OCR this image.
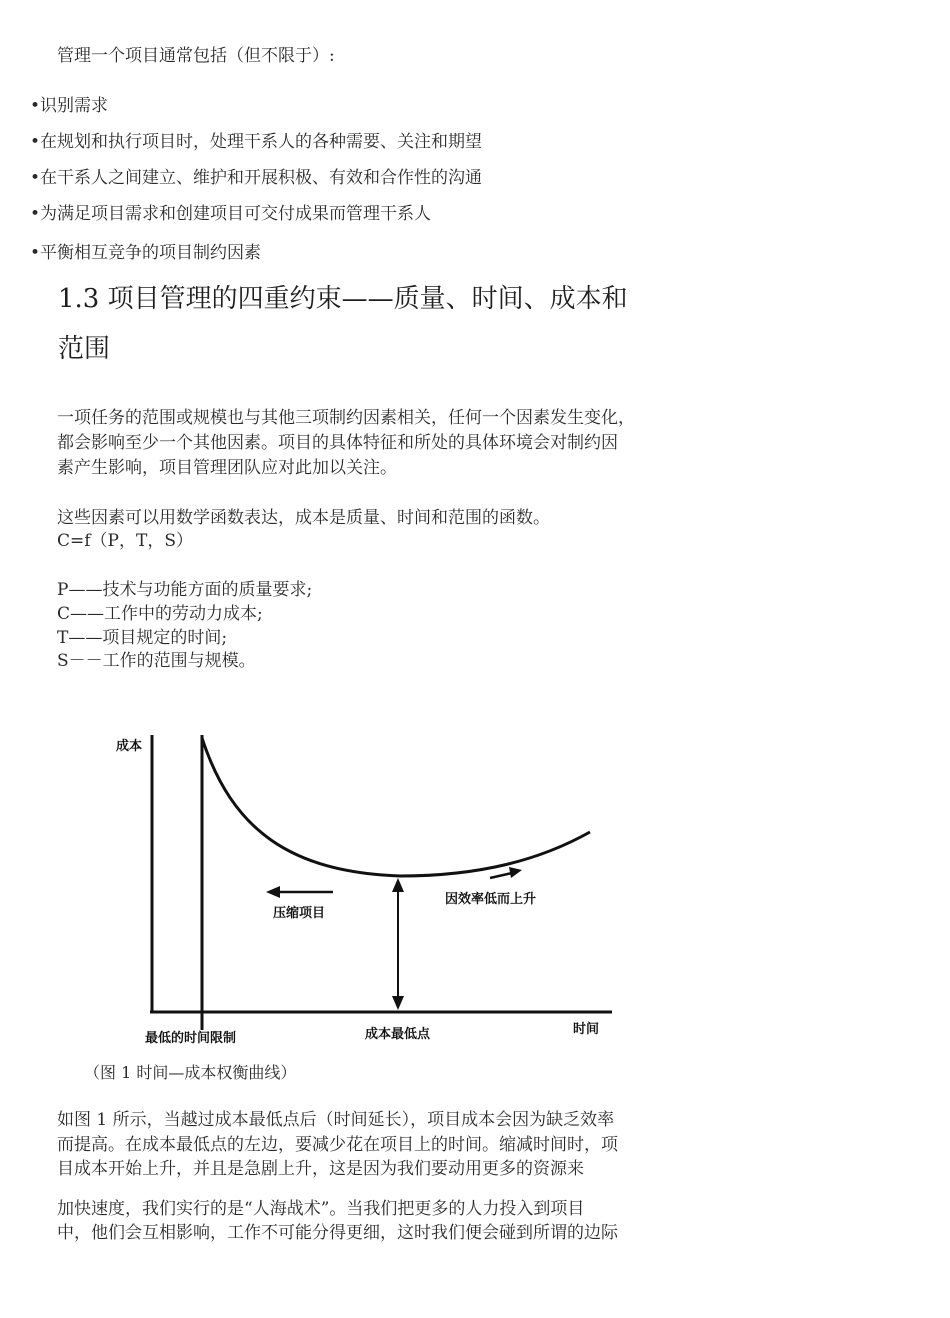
管理一个项目通常包括（但不限于）:
•识别需求
•在规划和执行项目时，处理干系人的各种需要、关注和期望
•在干系人之间建立、维护和开展积极、有效和合作性的沟通
•为满足项目需求和创建项目可交付成果而管理干系人
•平衡相互竞争的项目制约因素
1.3 项目管理的四重约束——质量、时间、成本和
范围
一项任务的范围或规模也与其他三项制约因素相关，任何一个因素发生变化，
都会影响至少一个其他因素。项目的具体特征和所处的具体环境会对制约因
素产生影响，项目管理团队应对此加以关注。
这些因素可以用数学函数表达，成本是质量、时间和范围的函数。
C=f（P，T，S）
P——技术与功能方面的质量要求;
C——工作中的劳动力成本;
T——项目规定的时间;
S－－工作的范围与规模。
成本
时间
最低的时间限制	成本最低点
压缩项目
因效率低而上升
（图 1 时间—成本权衡曲线）
如图 1 所示，当越过成本最低点后（时间延长），项目成本会因为缺乏效率
而提高。在成本最低点的左边，要减少花在项目上的时间。缩减时间时，项
目成本开始上升，并且是急剧上升，这是因为我们要动用更多的资源来
加快速度，我们实行的是“人海战术”。当我们把更多的人力投入到项目
中，他们会互相影响，工作不可能分得更细，这时我们便会碰到所谓的边际
